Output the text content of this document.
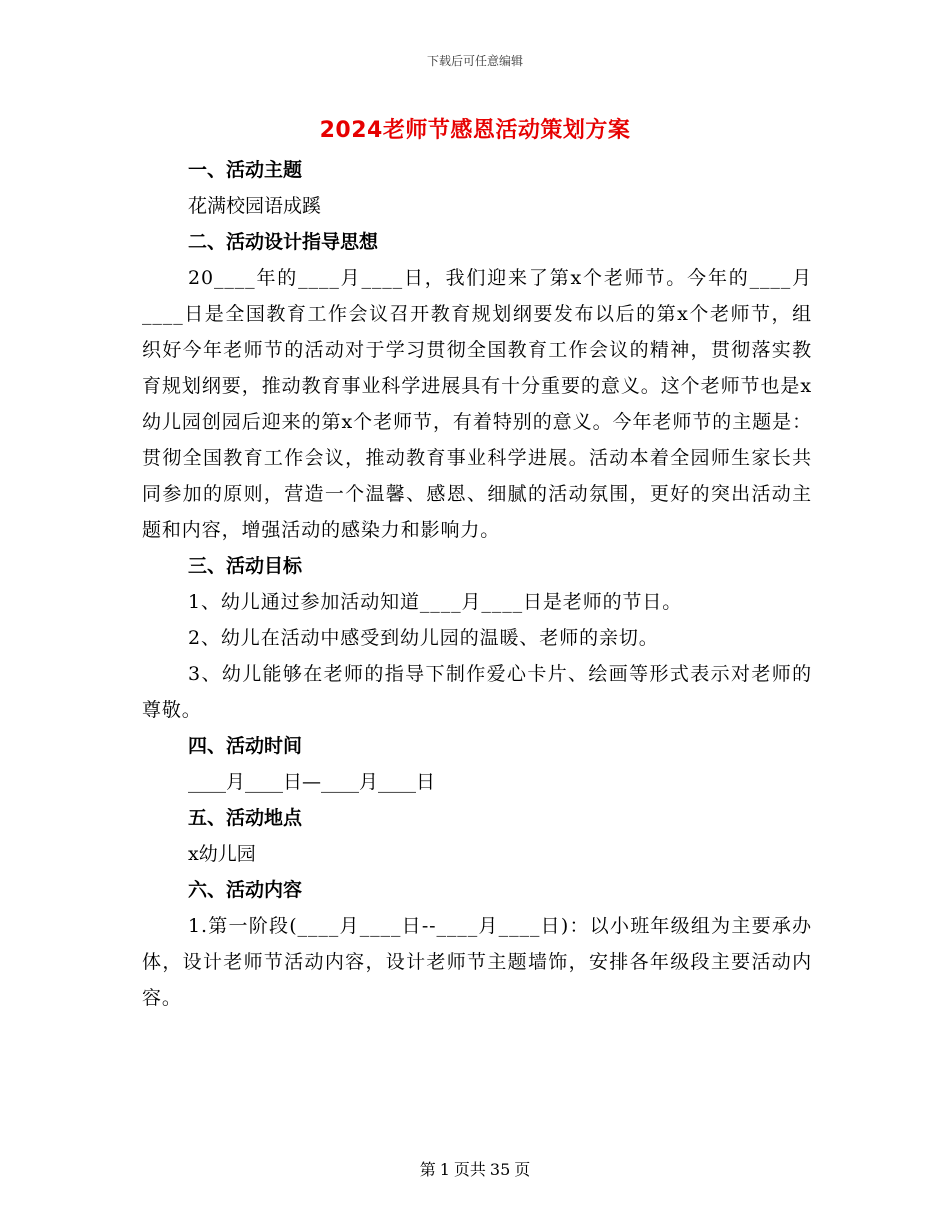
下载后可任意编辑
2024老师节感恩活动策划方案
一、活动主题
花满校园语成蹊
二、活动设计指导思想

20____年的____月____日，我们迎来了第x个老师节。今年的____月____日是全国教育工作会议召开教育规划纲要发布以后的第x个老师节，组织好今年老师节的活动对于学习贯彻全国教育工作会议的精神，贯彻落实教育规划纲要，推动教育事业科学进展具有十分重要的意义。这个老师节也是x幼儿园创园后迎来的第x个老师节，有着特别的意义。今年老师节的主题是：贯彻全国教育工作会议，推动教育事业科学进展。活动本着全园师生家长共同参加的原则，营造一个温馨、感恩、细腻的活动氛围，更好的突出活动主题和内容，增强活动的感染力和影响力。

三、活动目标

1、幼儿通过参加活动知道____月____日是老师的节日。

2、幼儿在活动中感受到幼儿园的温暖、老师的亲切。

3、幼儿能够在老师的指导下制作爱心卡片、绘画等形式表示对老师的尊敬。

四、活动时间
____月____日—____月____日
五、活动地点
x幼儿园
六、活动内容

1.第一阶段(____月____日--____月____日)：以小班年级组为主要承办体，设计老师节活动内容，设计老师节主题墙饰，安排各年级段主要活动内容。

第 1 页共 35 页
